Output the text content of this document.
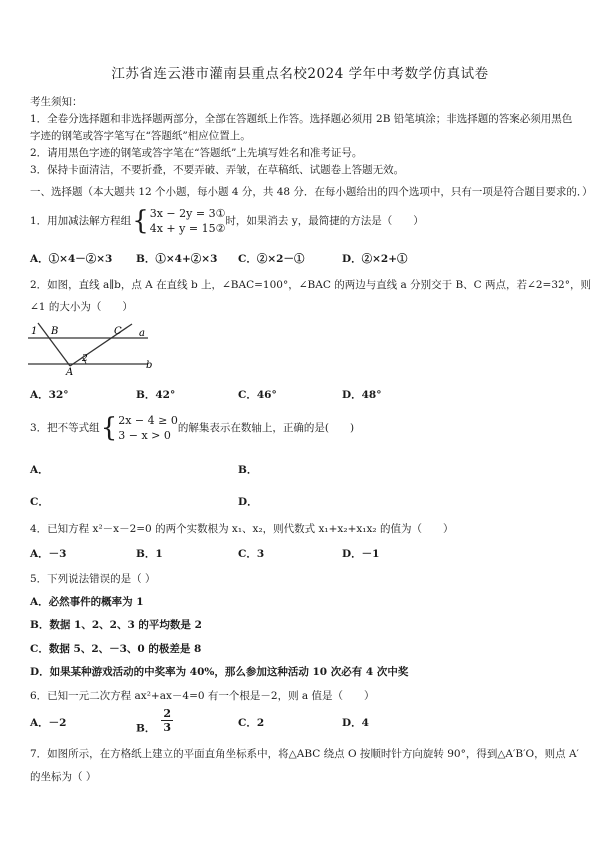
江苏省连云港市灌南县重点名校2024 学年中考数学仿真试卷
考生须知：
1．全卷分选择题和非选择题两部分，全部在答题纸上作答。选择题必须用 2B 铅笔填涂；非选择题的答案必须用黑色
字迹的钢笔或答字笔写在“答题纸”相应位置上。
2．请用黑色字迹的钢笔或答字笔在“答题纸”上先填写姓名和准考证号。
3．保持卡面清洁，不要折叠，不要弄破、弄皱，在草稿纸、试题卷上答题无效。
一、选择题（本大题共 12 个小题，每小题 4 分，共 48 分．在每小题给出的四个选项中，只有一项是符合题目要求的．）
1．用加减法解方程组{ 3x − 2y = 3①
4x + y = 15②
时，如果消去 y，最简捷的方法是（　　）
A．①×4－②×3 B．①×4+②×3 C．②×2－①	D．②×2+①
2．如图，直线 a∥b，点 A 在直线 b 上，∠BAC=100°，∠BAC 的两边与直线 a 分别交于 B、C 两点，若∠2=32°，则
∠1 的大小为（　　）
1 B	C a
2
A
b
A．32°	B．42°	C．46°	D．48°
3．把不等式组{ 2x − 4 ≥ 0
3 − x > 0
的解集表示在数轴上，正确的是(　　)
A．	B．
C．	D．
4．已知方程 x²－x－2=0 的两个实数根为 x₁、x₂，则代数式 x₁+x₂+x₁x₂ 的值为（　　）
A．－3	B．1	C．3	D．－1
5．下列说法错误的是（ ）
A．必然事件的概率为 1
B．数据 1、2、2、3 的平均数是 2
C．数据 5、2、－3、0 的极差是 8
D．如果某种游戏活动的中奖率为 40%，那么参加这种活动 10 次必有 4 次中奖
6．已知一元二次方程 ax²+ax－4=0 有一个根是－2，则 a 值是（　　）
A．－2	B． $\frac{2}{3}$	C．2	D．4
7．如图所示，在方格纸上建立的平面直角坐标系中，将△ABC 绕点 O 按顺时针方向旋转 90°，得到△A′B′O，则点 A′
的坐标为（ ）
